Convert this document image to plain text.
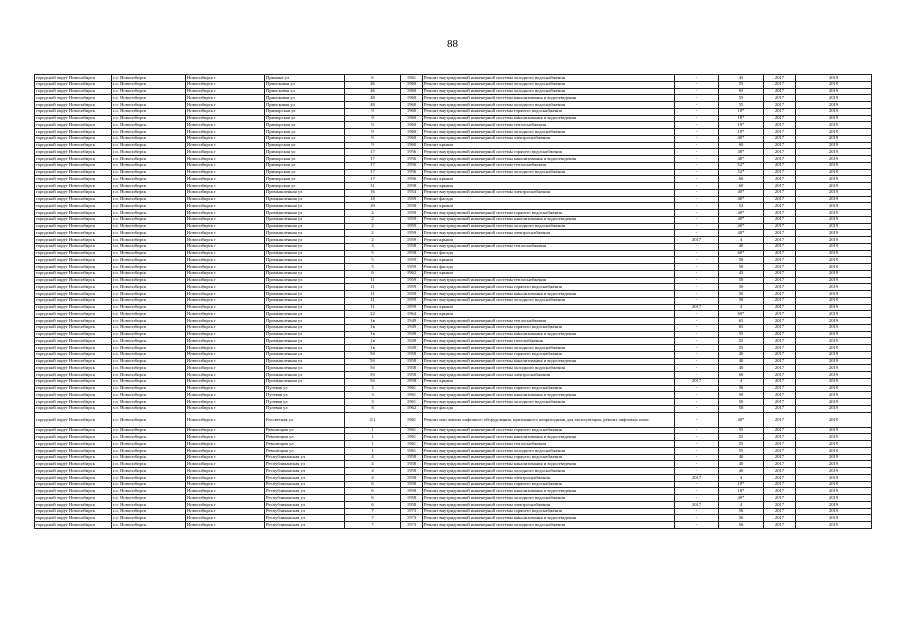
88
городской округ Новосибирск	г.о. Новосибирск	Новосибирск г	Примана ул	6	1961	Ремонт внутридомовой инженерной системы холодного водоснабжения	-	45	2017	2019
городской округ Новосибирск	г.о. Новосибирск	Новосибирск г	Приисковая ул	46	1960	Ремонт внутридомовой инженерной системы холодного водоснабжения	-	55	2017	2019
городской округ Новосибирск	г.о. Новосибирск	Новосибирск г	Приисковая ул	46	1960	Ремонт внутридомовой инженерной системы холодного водоснабжения	-	65	2017	2019
городской округ Новосибирск	г.о. Новосибирск	Новосибирск г	Приисковая ул	48	1960	Ремонт внутридомовой инженерной системы канализования и водоотведения	-	55	2017	2019
городской округ Новосибирск	г.о. Новосибирск	Новосибирск г	Приисковая ул	48	1960	Ремонт внутридомовой инженерной системы холодного водоснабжения	-	55	2017	2019
городской округ Новосибирск	г.о. Новосибирск	Новосибирск г	Приморская ул	9	1960	Ремонт внутридомовой инженерной системы горячего водоснабжения	-	18*	2017	2019
городской округ Новосибирск	г.о. Новосибирск	Новосибирск г	Приморская ул	9	1960	Ремонт внутридомовой инженерной системы канализования и водоотведения	-	18*	2017	2019
городской округ Новосибирск	г.о. Новосибирск	Новосибирск г	Приморская ул	9	1960	Ремонт внутридомовой инженерной системы теплоснабжения	-	18*	2017	2019
городской округ Новосибирск	г.о. Новосибирск	Новосибирск г	Приморская ул	9	1960	Ремонт внутридомовой инженерной системы холодного водоснабжения	-	18*	2017	2019
городской округ Новосибирск	г.о. Новосибирск	Новосибирск г	Приморская ул	9	1960	Ремонт внутридомовой инженерной системы электроснабжения	-	40*	2017	2019
городской округ Новосибирск	г.о. Новосибирск	Новосибирск г	Приморская ул	9	1960	Ремонт крыши	-	60	2017	2019
городской округ Новосибирск	г.о. Новосибирск	Новосибирск г	Приморская ул	17	1956	Ремонт внутридомовой инженерной системы горячего водоснабжения	-	48*	2017	2019
городской округ Новосибирск	г.о. Новосибирск	Новосибирск г	Приморская ул	17	1956	Ремонт внутридомовой инженерной системы канализования и водоотведения	-	48*	2017	2019
городской округ Новосибирск	г.о. Новосибирск	Новосибирск г	Приморская ул	17	1956	Ремонт внутридомовой инженерной системы теплоснабжения	-	52*	2017	2019
городской округ Новосибирск	г.о. Новосибирск	Новосибирск г	Приморская ул	17	1956	Ремонт внутридомовой инженерной системы холодного водоснабжения	-	52*	2017	2019
городской округ Новосибирск	г.о. Новосибирск	Новосибирск г	Приморская ул	17	1956	Ремонт крыши	-	60	2017	2019
городской округ Новосибирск	г.о. Новосибирск	Новосибирск г	Приморская ул	31	1958	Ремонт крыши	-	60	2017	2019
городской округ Новосибирск	г.о. Новосибирск	Новосибирск г	Промышленная ул	16	1954	Ремонт внутридомовой инженерной системы электроснабжения	-	40*	2017	2019
городской округ Новосибирск	г.о. Новосибирск	Новосибирск г	Промышленная ул	18	1959	Ремонт фасада	-	40*	2017	2019
городской округ Новосибирск	г.о. Новосибирск	Новосибирск г	Промышленная ул	20	1958	Ремонт крыши	-	52	2017	2019
городской округ Новосибирск	г.о. Новосибирск	Новосибирск г	Промышленная ул	2	1959	Ремонт внутридомовой инженерной системы горячего водоснабжения	-	40*	2017	2019
городской округ Новосибирск	г.о. Новосибирск	Новосибирск г	Промышленная ул	2	1959	Ремонт внутридомовой инженерной системы канализования и водоотведения	-	40*	2017	2019
городской округ Новосибирск	г.о. Новосибирск	Новосибирск г	Промышленная ул	2	1959	Ремонт внутридомовой инженерной системы холодного водоснабжения	-	40*	2017	2019
городской округ Новосибирск	г.о. Новосибирск	Новосибирск г	Промышленная ул	2	1959	Ремонт внутридомовой инженерной системы электроснабжения	-	40*	2017	2019
городской округ Новосибирск	г.о. Новосибирск	Новосибирск г	Промышленная ул	2	1959	Ремонт крыши	2017	4	2017	2019
городской округ Новосибирск	г.о. Новосибирск	Новосибирск г	Промышленная ул	3	1958	Ремонт внутридомовой инженерной системы теплоснабжения	-	40	2017	2019
городской округ Новосибирск	г.о. Новосибирск	Новосибирск г	Промышленная ул	5	1958	Ремонт фасада	-	60*	2017	2019
городской округ Новосибирск	г.о. Новосибирск	Новосибирск г	Промышленная ул	5	1959	Ремонт крыши	-	50	2017	2019
городской округ Новосибирск	г.о. Новосибирск	Новосибирск г	Промышленная ул	5	1959	Ремонт фасада	-	50	2017	2019
городской округ Новосибирск	г.о. Новосибирск	Новосибирск г	Промышленная ул	6	1962	Ремонт крыши	-	43	2017	2019
городской округ Новосибирск	г.о. Новосибирск	Новосибирск г	Промышленная ул	11	1959	Ремонт внутридомовой инженерной системы теплоснабжения	-	50	2017	2019
городской округ Новосибирск	г.о. Новосибирск	Новосибирск г	Промышленная ул	11	1959	Ремонт внутридомовой инженерной системы горячего водоснабжения	-	50	2017	2019
городской округ Новосибирск	г.о. Новосибирск	Новосибирск г	Промышленная ул	11	1959	Ремонт внутридомовой инженерной системы канализования и водоотведения	-	50	2017	2019
городской округ Новосибирск	г.о. Новосибирск	Новосибирск г	Промышленная ул	11	1959	Ремонт внутридомовой инженерной системы холодного водоснабжения	-	50	2017	2019
городской округ Новосибирск	г.о. Новосибирск	Новосибирск г	Промышленная ул	11	1959	Ремонт крыши	2017	4	2017	2019
городской округ Новосибирск	г.о. Новосибирск	Новосибирск г	Промышленная ул	22	1964	Ремонт крыши	-	60*	2017	2019
городской округ Новосибирск	г.о. Новосибирск	Новосибирск г	Промышленная ул	1в	1949	Ремонт внутридомовой инженерной системы теплоснабжения	-	65	2017	2019
городской округ Новосибирск	г.о. Новосибирск	Новосибирск г	Промышленная ул	1в	1949	Ремонт внутридомовой инженерной системы горячего водоснабжения	-	65	2017	2019
городской округ Новосибирск	г.о. Новосибирск	Новосибирск г	Промышленная ул	1в	1949	Ремонт внутридомовой инженерной системы канализования и водоотведения	-	55	2017	2019
городской округ Новосибирск	г.о. Новосибирск	Новосибирск г	Промышленная ул	1в	1949	Ремонт внутридомовой инженерной системы газоснабжения	-	55	2017	2019
городской округ Новосибирск	г.о. Новосибирск	Новосибирск г	Промышленная ул	1в	1949	Ремонт внутридомовой инженерной системы холодного водоснабжения	-	55	2017	2019
городской округ Новосибирск	г.о. Новосибирск	Новосибирск г	Промышленная ул	5б	1958	Ремонт внутридомовой инженерной системы горячего водоснабжения	-	40	2017	2019
городской округ Новосибирск	г.о. Новосибирск	Новосибирск г	Промышленная ул	5б	1958	Ремонт внутридомовой инженерной системы канализования и водоотведения	-	40	2017	2019
городской округ Новосибирск	г.о. Новосибирск	Новосибирск г	Промышленная ул	5б	1958	Ремонт внутридомовой инженерной системы холодного водоснабжения	-	40	2017	2019
городской округ Новосибирск	г.о. Новосибирск	Новосибирск г	Промышленная ул	5б	1958	Ремонт внутридомовой инженерной системы электроснабжения	-	60	2017	2019
городской округ Новосибирск	г.о. Новосибирск	Новосибирск г	Промышленная ул	5б	1958	Ремонт крыши	2017	4	2017	2019
городской округ Новосибирск	г.о. Новосибирск	Новосибирск г	Пулевая ул	3	1961	Ремонт внутридомовой инженерной системы горячего водоснабжения	-	50	2017	2019
городской округ Новосибирск	г.о. Новосибирск	Новосибирск г	Пулевая ул	3	1961	Ремонт внутридомовой инженерной системы канализования и водоотведения	-	50	2017	2019
городской округ Новосибирск	г.о. Новосибирск	Новосибирск г	Пулевая ул	3	1961	Ремонт внутридомовой инженерной системы холодного водоснабжения	-	50	2017	2019
городской округ Новосибирск	г.о. Новосибирск	Новосибирск г	Пулевая ул	8	1962	Ремонт фасада	-	50	2017	2019
городской округ Новосибирск	г.о. Новосибирск	Новосибирск г	Рассветная ул	2/1	1961	Ремонт или замена лифтового оборудования, признанного непригодным для эксплуатации, ремонт лифтовых шахт	-	40*	2017	2019
городской округ Новосибирск	г.о. Новосибирск	Новосибирск г	Революции ул	1	1961	Ремонт внутридомовой инженерной системы горячего водоснабжения	-	55	2017	2019
городской округ Новосибирск	г.о. Новосибирск	Новосибирск г	Революции ул	1	1961	Ремонт внутридомовой инженерной системы канализования и водоотведения	-	55	2017	2019
городской округ Новосибирск	г.о. Новосибирск	Новосибирск г	Революции ул	1	1961	Ремонт внутридомовой инженерной системы теплоснабжения	-	55	2017	2019
городской округ Новосибирск	г.о. Новосибирск	Новосибирск г	Революции ул	1	1961	Ремонт внутридомовой инженерной системы холодного водоснабжения	-	55	2017	2019
городской округ Новосибирск	г.о. Новосибирск	Новосибирск г	Республиканская ул	4	1958	Ремонт внутридомовой инженерной системы горячего водоснабжения	-	40	2017	2019
городской округ Новосибирск	г.о. Новосибирск	Новосибирск г	Республиканская ул	4	1958	Ремонт внутридомовой инженерной системы канализования и водоотведения	-	40	2017	2019
городской округ Новосибирск	г.о. Новосибирск	Новосибирск г	Республиканская ул	4	1958	Ремонт внутридомовой инженерной системы холодного водоснабжения	-	40	2017	2019
городской округ Новосибирск	г.о. Новосибирск	Новосибирск г	Республиканская ул	4	1958	Ремонт внутридомовой инженерной системы электроснабжения	2017	4	2017	2019
городской округ Новосибирск	г.о. Новосибирск	Новосибирск г	Республиканская ул	6	1958	Ремонт внутридомовой инженерной системы горячего водоснабжения	-	18*	2017	2019
городской округ Новосибирск	г.о. Новосибирск	Новосибирск г	Республиканская ул	6	1958	Ремонт внутридомовой инженерной системы канализования и водоотведения	-	18*	2017	2019
городской округ Новосибирск	г.о. Новосибирск	Новосибирск г	Республиканская ул	6	1958	Ремонт внутридомовой инженерной системы холодного водоснабжения	-	40*	2017	2019
городской округ Новосибирск	г.о. Новосибирск	Новосибирск г	Республиканская ул	6	1958	Ремонт внутридомовой инженерной системы электроснабжения	2017	4	2017	2019
городской округ Новосибирск	г.о. Новосибирск	Новосибирск г	Республиканская ул	7	1973	Ремонт внутридомовой инженерной системы горячего водоснабжения	-	56	2017	2019
городской округ Новосибирск	г.о. Новосибирск	Новосибирск г	Республиканская ул	7	1973	Ремонт внутридомовой инженерной системы канализования и водоотведения	-	56	2017	2019
городской округ Новосибирск	г.о. Новосибирск	Новосибирск г	Республиканская ул	7	1973	Ремонт внутридомовой инженерной системы холодного водоснабжения	-	56	2017	2019
